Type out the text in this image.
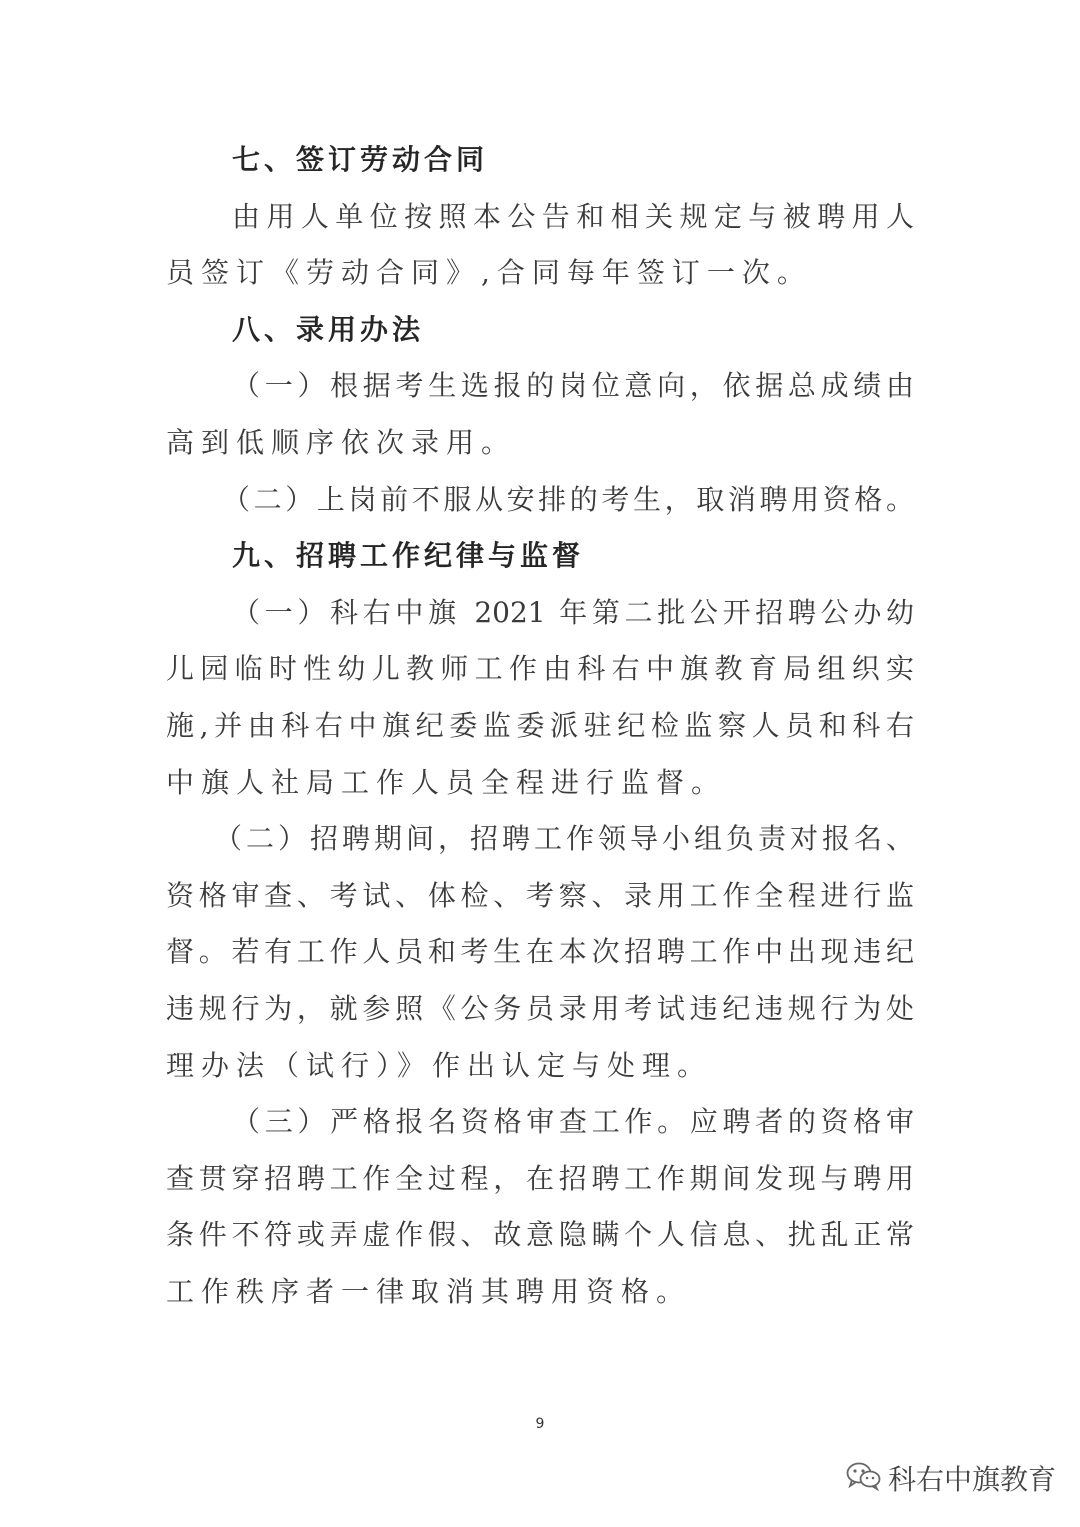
七、签订劳动合同
由用人单位按照本公告和相关规定与被聘用人
员签订《劳动合同》,合同每年签订一次。
八、录用办法
（一）根据考生选报的岗位意向，依据总成绩由
高到低顺序依次录用。
（二）上岗前不服从安排的考生，取消聘用资格。
九、招聘工作纪律与监督
（一）科右中旗 2021 年第二批公开招聘公办幼
儿园临时性幼儿教师工作由科右中旗教育局组织实
施,并由科右中旗纪委监委派驻纪检监察人员和科右
中旗人社局工作人员全程进行监督。
（二）招聘期间，招聘工作领导小组负责对报名、
资格审查、考试、体检、考察、录用工作全程进行监
督。若有工作人员和考生在本次招聘工作中出现违纪
违规行为，就参照《公务员录用考试违纪违规行为处
理办法（试行）》作出认定与处理。
（三）严格报名资格审查工作。应聘者的资格审
查贯穿招聘工作全过程，在招聘工作期间发现与聘用
条件不符或弄虚作假、故意隐瞒个人信息、扰乱正常
工作秩序者一律取消其聘用资格。
9
科右中旗教育
